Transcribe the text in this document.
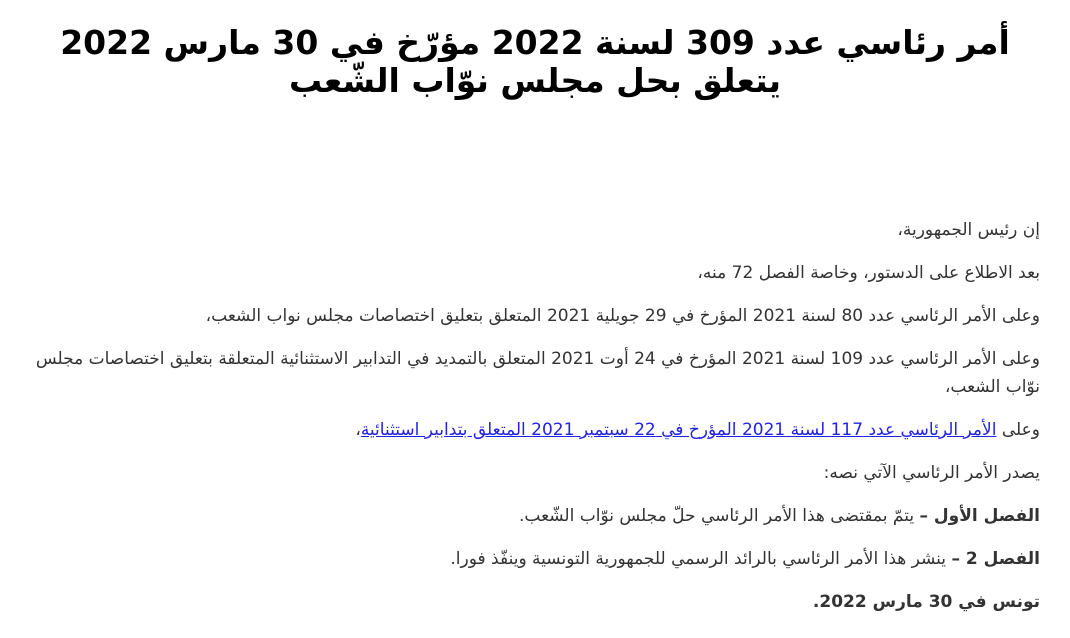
أمر رئاسي عدد 309 لسنة 2022 مؤرّخ في 30 مارس 2022
يتعلق بحل مجلس نوّاب الشّعب

إن رئيس الجمهورية،

بعد الاطلاع على الدستور، وخاصة الفصل 72 منه،

وعلى الأمر الرئاسي عدد 80 لسنة 2021 المؤرخ في 29 جويلية 2021 المتعلق بتعليق اختصاصات مجلس نواب الشعب،

وعلى الأمر الرئاسي عدد 109 لسنة 2021 المؤرخ في 24 أوت 2021 المتعلق بالتمديد في التدابير الاستثنائية المتعلقة بتعليق اختصاصات مجلس نوّاب الشعب،

وعلى الأمر الرئاسي عدد 117 لسنة 2021 المؤرخ في 22 سبتمبر 2021 المتعلق بتدابير استثنائية،

يصدر الأمر الرئاسي الآتي نصه:

الفصل الأول – يتمّ بمقتضى هذا الأمر الرئاسي حلّ مجلس نوّاب الشّعب.

الفصل 2 – ينشر هذا الأمر الرئاسي بالرائد الرسمي للجمهورية التونسية وينفّذ فورا.

تونس في 30 مارس 2022.
